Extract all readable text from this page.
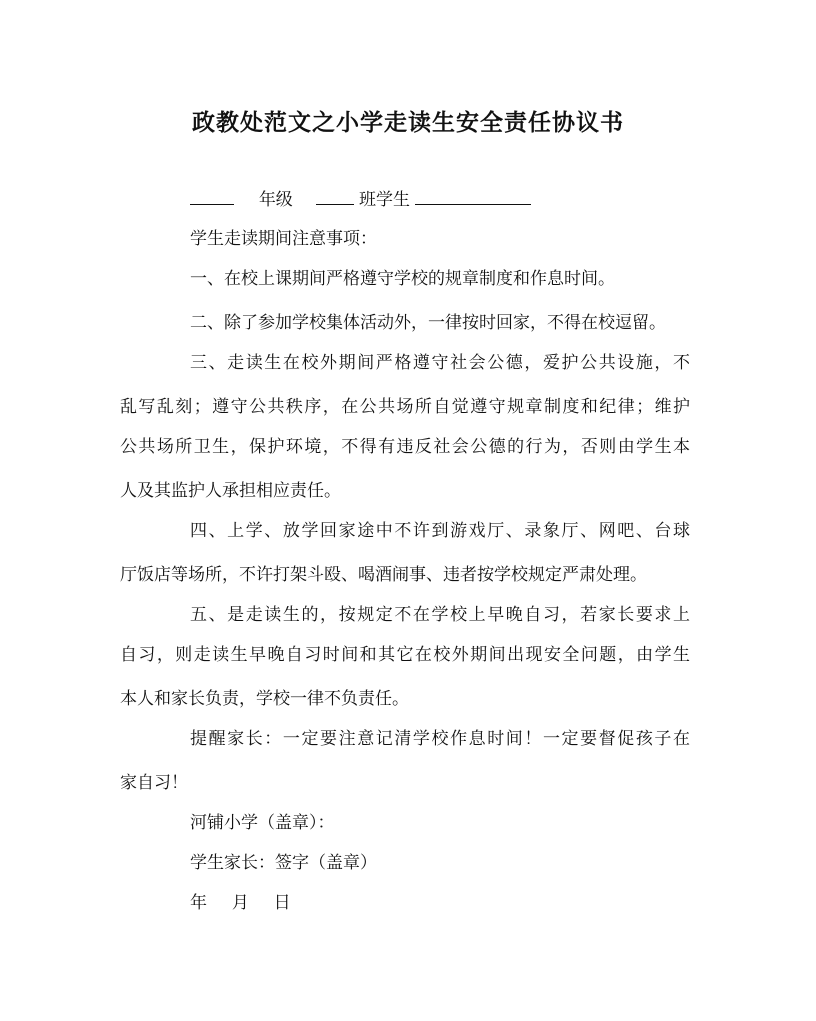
政教处范文之小学走读生安全责任协议书
年级	班学生
学生走读期间注意事项：
一、在校上课期间严格遵守学校的规章制度和作息时间。
二、除了参加学校集体活动外，一律按时回家，不得在校逗留。
三、走读生在校外期间严格遵守社会公德，爱护公共设施，不
乱写乱刻；遵守公共秩序，在公共场所自觉遵守规章制度和纪律；维护
公共场所卫生，保护环境，不得有违反社会公德的行为，否则由学生本
人及其监护人承担相应责任。
四、上学、放学回家途中不许到游戏厅、录象厅、网吧、台球
厅饭店等场所，不许打架斗殴、喝酒闹事、违者按学校规定严肃处理。
五、是走读生的，按规定不在学校上早晚自习，若家长要求上
自习，则走读生早晚自习时间和其它在校外期间出现安全问题，由学生
本人和家长负责，学校一律不负责任。
提醒家长：一定要注意记清学校作息时间！一定要督促孩子在
家自习！
河铺小学（盖章）：
学生家长：签字（盖章）
年 月 日
